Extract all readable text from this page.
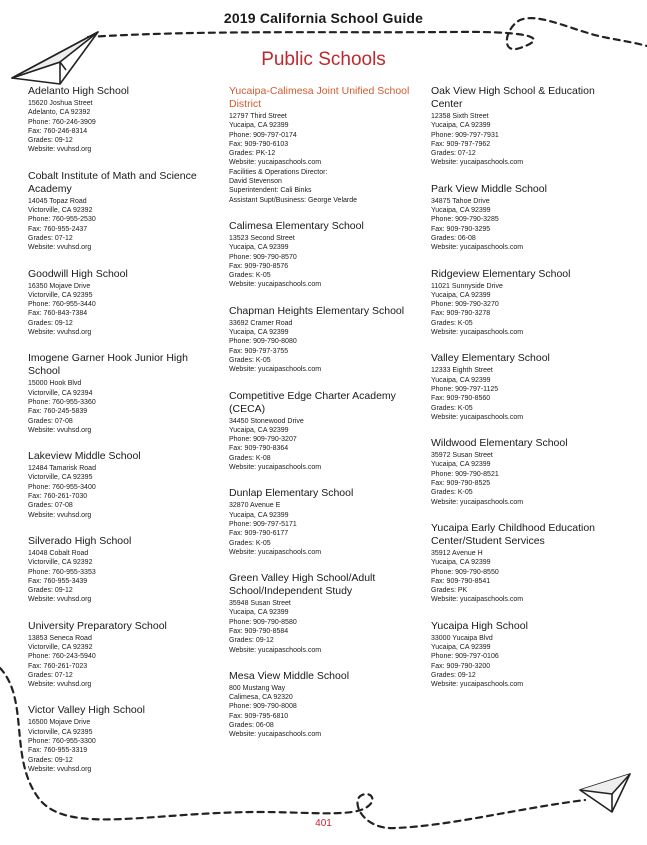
2019 California School Guide
Public Schools
Adelanto High School
15620 Joshua Street
Adelanto, CA 92392
Phone: 760-246-3909
Fax: 760-246-8314
Grades: 09-12
Website: vvuhsd.org
Cobalt Institute of Math and Science Academy
14045 Topaz Road
Victorville, CA 92392
Phone: 760-955-2530
Fax: 760-955-2437
Grades: 07-12
Website: vvuhsd.org
Goodwill High School
16350 Mojave Drive
Victorville, CA 92395
Phone: 760-955-3440
Fax: 760-843-7384
Grades: 09-12
Website: vvuhsd.org
Imogene Garner Hook Junior High School
15000 Hook Blvd
Victorville, CA 92394
Phone: 760-955-3360
Fax: 760-245-5839
Grades: 07-08
Website: vvuhsd.org
Lakeview Middle School
12484 Tamarisk Road
Victorville, CA 92395
Phone: 760-955-3400
Fax: 760-261-7030
Grades: 07-08
Website: vvuhsd.org
Silverado High School
14048 Cobalt Road
Victorville, CA 92392
Phone: 760-955-3353
Fax: 760-955-3439
Grades: 09-12
Website: vvuhsd.org
University Preparatory School
13853 Seneca Road
Victorville, CA 92392
Phone: 760-243-5940
Fax: 760-261-7023
Grades: 07-12
Website: vvuhsd.org
Victor Valley High School
16500 Mojave Drive
Victorville, CA 92395
Phone: 760-955-3300
Fax: 760-955-3319
Grades: 09-12
Website: vvuhsd.org
Yucaipa-Calimesa Joint Unified School District
12797 Third Street
Yucaipa, CA 92399
Phone: 909-797-0174
Fax: 909-790-6103
Grades: PK-12
Website: yucaipaschools.com
Facilities & Operations Director:
David Stevenson
Superintendent: Cali Binks
Assistant Supt/Business: George Velarde
Calimesa Elementary School
13523 Second Street
Yucaipa, CA 92399
Phone: 909-790-8570
Fax: 909-790-8576
Grades: K-05
Website: yucaipaschools.com
Chapman Heights Elementary School
33692 Cramer Road
Yucaipa, CA 92399
Phone: 909-790-8080
Fax: 909-797-3755
Grades: K-05
Website: yucaipaschools.com
Competitive Edge Charter Academy (CECA)
34450 Stonewood Drive
Yucaipa, CA 92399
Phone: 909-790-3207
Fax: 909-790-8364
Grades: K-08
Website: yucaipaschools.com
Dunlap Elementary School
32870 Avenue E
Yucaipa, CA 92399
Phone: 909-797-5171
Fax: 909-790-6177
Grades: K-05
Website: yucaipaschools.com
Green Valley High School/Adult School/Independent Study
35948 Susan Street
Yucaipa, CA 92399
Phone: 909-790-8580
Fax: 909-790-8584
Grades: 09-12
Website: yucaipaschools.com
Mesa View Middle School
800 Mustang Way
Calimesa, CA 92320
Phone: 909-790-8008
Fax: 909-795-6810
Grades: 06-08
Website: yucaipaschools.com
Oak View High School & Education Center
12358 Sixth Street
Yucaipa, CA 92399
Phone: 909-797-7931
Fax: 909-797-7962
Grades: 07-12
Website: yucaipaschools.com
Park View Middle School
34875 Tahoe Drive
Yucaipa, CA 92399
Phone: 909-790-3285
Fax: 909-790-3295
Grades: 06-08
Website: yucaipaschools.com
Ridgeview Elementary School
11021 Sunnyside Drive
Yucaipa, CA 92399
Phone: 909-790-3270
Fax: 909-790-3278
Grades: K-05
Website: yucaipaschools.com
Valley Elementary School
12333 Eighth Street
Yucaipa, CA 92399
Phone: 909-797-1125
Fax: 909-790-8560
Grades: K-05
Website: yucaipaschools.com
Wildwood Elementary School
35972 Susan Street
Yucaipa, CA 92399
Phone: 909-790-8521
Fax: 909-790-8525
Grades: K-05
Website: yucaipaschools.com
Yucaipa Early Childhood Education Center/Student Services
35912 Avenue H
Yucaipa, CA 92399
Phone: 909-790-8550
Fax: 909-790-8541
Grades: PK
Website: yucaipaschools.com
Yucaipa High School
33000 Yucaipa Blvd
Yucaipa, CA 92399
Phone: 909-797-0106
Fax: 909-790-3200
Grades: 09-12
Website: yucaipaschools.com
401
